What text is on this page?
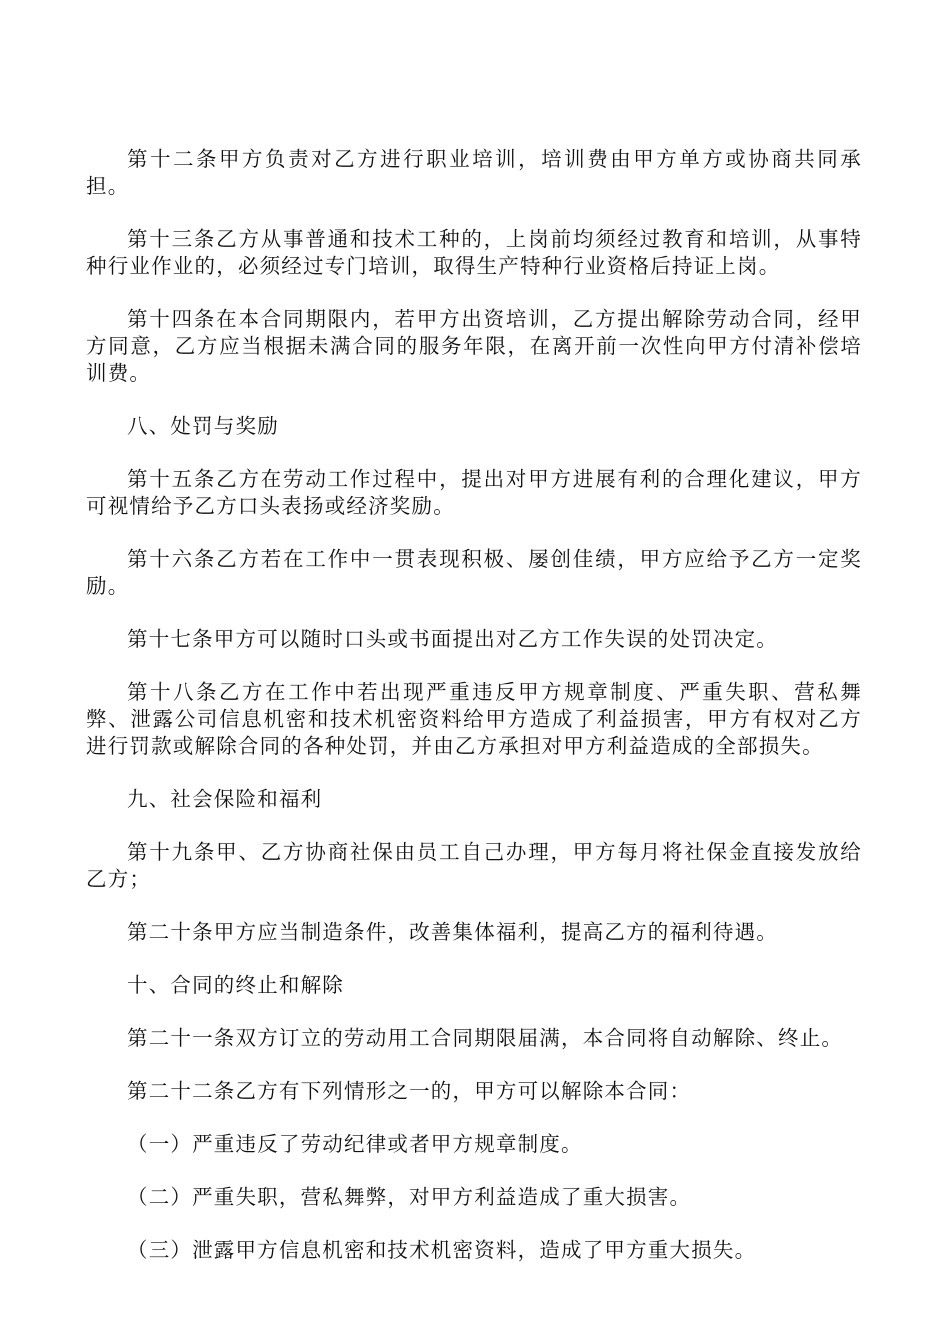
第十二条甲方负责对乙方进行职业培训，培训费由甲方单方或协商共同承担。

第十三条乙方从事普通和技术工种的，上岗前均须经过教育和培训，从事特种行业作业的，必须经过专门培训，取得生产特种行业资格后持证上岗。

第十四条在本合同期限内，若甲方出资培训，乙方提出解除劳动合同，经甲方同意，乙方应当根据未满合同的服务年限，在离开前一次性向甲方付清补偿培训费。

八、处罚与奖励

第十五条乙方在劳动工作过程中，提出对甲方进展有利的合理化建议，甲方可视情给予乙方口头表扬或经济奖励。

第十六条乙方若在工作中一贯表现积极、屡创佳绩，甲方应给予乙方一定奖励。

第十七条甲方可以随时口头或书面提出对乙方工作失误的处罚决定。

第十八条乙方在工作中若出现严重违反甲方规章制度、严重失职、营私舞弊、泄露公司信息机密和技术机密资料给甲方造成了利益损害，甲方有权对乙方进行罚款或解除合同的各种处罚，并由乙方承担对甲方利益造成的全部损失。

九、社会保险和福利

第十九条甲、乙方协商社保由员工自己办理，甲方每月将社保金直接发放给乙方；

第二十条甲方应当制造条件，改善集体福利，提高乙方的福利待遇。

十、合同的终止和解除

第二十一条双方订立的劳动用工合同期限届满，本合同将自动解除、终止。

第二十二条乙方有下列情形之一的，甲方可以解除本合同：

（一）严重违反了劳动纪律或者甲方规章制度。

（二）严重失职，营私舞弊，对甲方利益造成了重大损害。

（三）泄露甲方信息机密和技术机密资料，造成了甲方重大损失。
